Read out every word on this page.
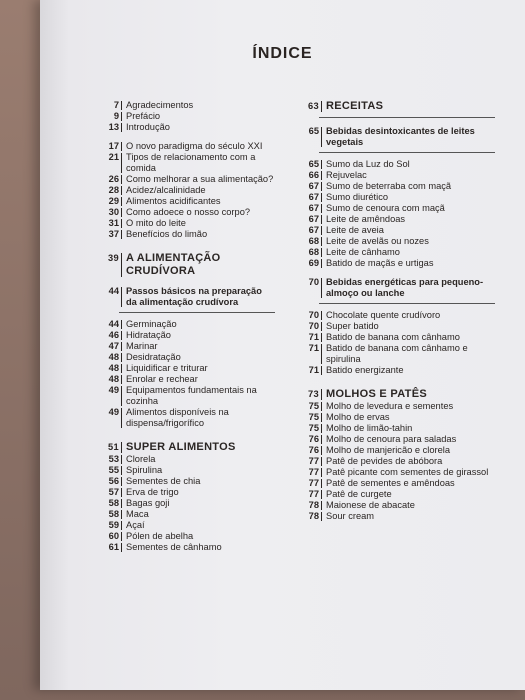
ÍNDICE
7 Agradecimentos
9 Prefácio
13 Introdução
17 O novo paradigma do século XXI
21 Tipos de relacionamento com a comida
26 Como melhorar a sua alimentação?
28 Acidez/alcalinidade
29 Alimentos acidificantes
30 Como adoece o nosso corpo?
31 O mito do leite
37 Benefícios do limão
39 A ALIMENTAÇÃO CRUDÍVORA
44 Passos básicos na preparação da alimentação crudívora
44 Germinação
46 Hidratação
47 Marinar
48 Desidratação
48 Liquidificar e triturar
48 Enrolar e rechear
49 Equipamentos fundamentais na cozinha
49 Alimentos disponíveis na dispensa/frigorífico
51 SUPER ALIMENTOS
53 Clorela
55 Spirulina
56 Sementes de chia
57 Erva de trigo
58 Bagas goji
58 Maca
59 Açaí
60 Pólen de abelha
61 Sementes de cânhamo
63 RECEITAS
65 Bebidas desintoxicantes de leites vegetais
65 Sumo da Luz do Sol
66 Rejuvelac
67 Sumo de beterraba com maçã
67 Sumo diurético
67 Sumo de cenoura com maçã
67 Leite de amêndoas
67 Leite de aveia
68 Leite de avelãs ou nozes
68 Leite de cânhamo
69 Batido de maçãs e urtigas
70 Bebidas energéticas para pequeno-almoço ou lanche
70 Chocolate quente crudívoro
70 Super batido
71 Batido de banana com cânhamo
71 Batido de banana com cânhamo e spirulina
71 Batido energizante
73 MOLHOS E PATÊS
75 Molho de levedura e sementes
75 Molho de ervas
75 Molho de limão-tahin
76 Molho de cenoura para saladas
76 Molho de manjericão e clorela
77 Patê de pevides de abóbora
77 Patê picante com sementes de girassol
77 Patê de sementes e amêndoas
77 Patê de curgete
78 Maionese de abacate
78 Sour cream
